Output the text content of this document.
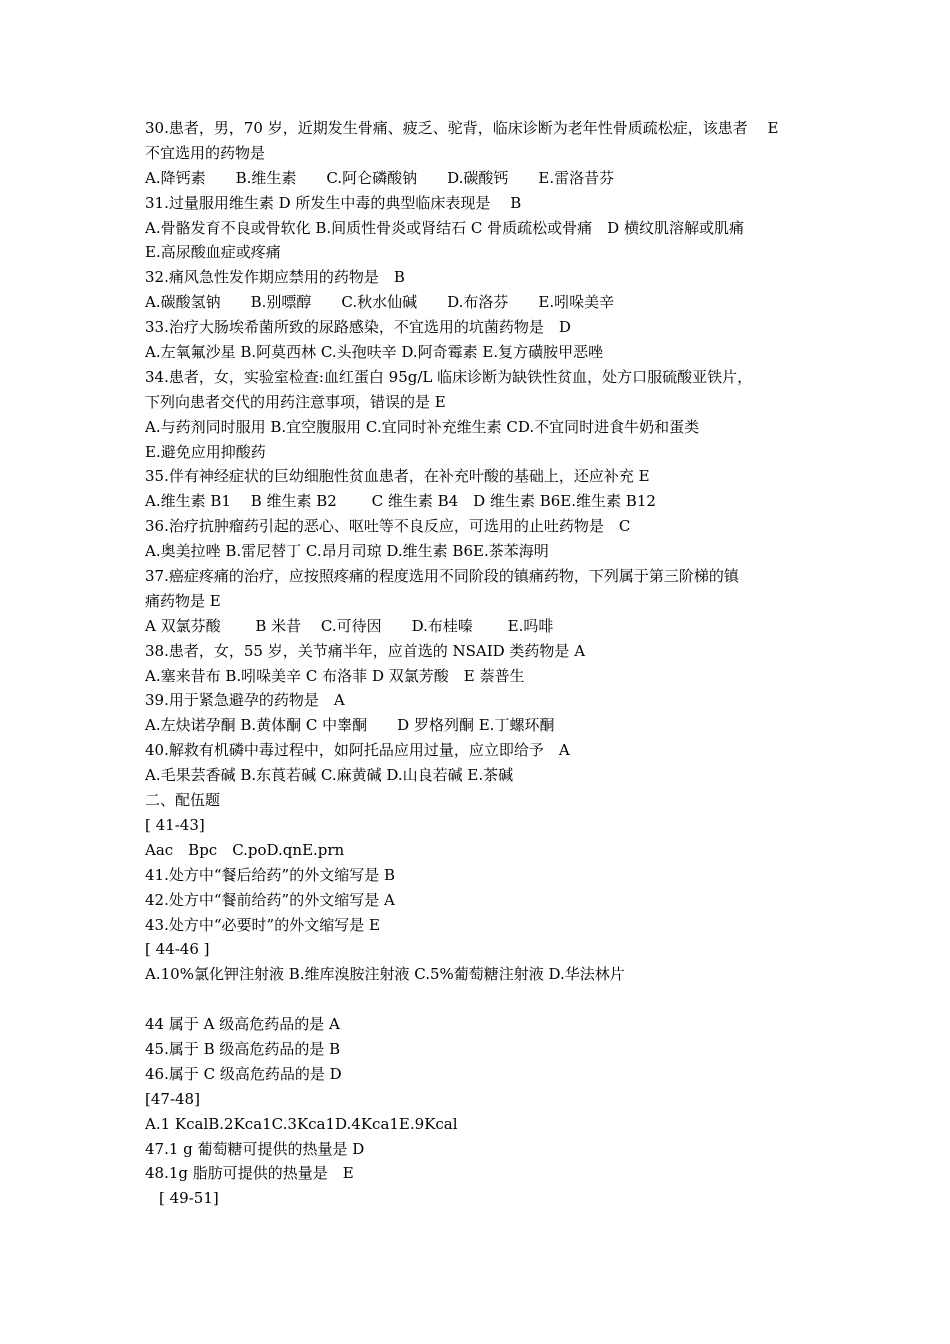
30.患者，男，70 岁，近期发生骨痛、疲乏、驼背，临床诊断为老年性骨质疏松症，该患者　 E
不宜选用的药物是
A.降钙素　　B.维生素　　C.阿仑磷酸钠　　D.碳酸钙　　E.雷洛昔芬
31.过量服用维生素 D 所发生中毒的典型临床表现是　 B
A.骨骼发育不良或骨软化 B.间质性骨炎或肾结石 C 骨质疏松或骨痛　D 横纹肌溶解或肌痛
E.高尿酸血症或疼痛
32.痛风急性发作期应禁用的药物是　B
A.碳酸氢钠　　B.别嘌醇　　C.秋水仙碱　　D.布洛芬　　E.吲哚美辛
33.治疗大肠埃希菌所致的尿路感染，不宜选用的坑菌药物是　D
A.左氧氟沙星 B.阿莫西林 C.头孢呋辛 D.阿奇霉素 E.复方磺胺甲恶唑
34.患者，女，实验室检查:血红蛋白 95g/L 临床诊断为缺铁性贫血，处方口服硫酸亚铁片，
下列向患者交代的用药注意事项，错误的是 E
A.与药剂同时服用 B.宜空腹服用 C.宜同时补充维生素 CD.不宜同时进食牛奶和蛋类
E.避免应用抑酸药
35.伴有神经症状的巨幼细胞性贫血患者，在补充叶酸的基础上，还应补充 E
A.维生素 B1　 B 维生素 B2　　 C 维生素 B4　D 维生素 B6E.维生素 B12
36.治疗抗肿瘤药引起的恶心、呕吐等不良反应，可选用的止吐药物是　C
A.奥美拉唑 B.雷尼替丁 C.昂月司琼 D.维生素 B6E.茶苯海明
37.癌症疼痛的治疗，应按照疼痛的程度选用不同阶段的镇痛药物，下列属于第三阶梯的镇
痛药物是 E
A 双氯芬酸　　 B 米昔　 C.可待因　　D.布桂嗪　　 E.吗啡
38.患者，女，55 岁，关节痛半年，应首选的 NSAID 类药物是 A
A.塞来昔布 B.吲哚美辛 C 布洛菲 D 双氯芳酸　E 萘普生
39.用于紧急避孕的药物是　A
A.左炔诺孕酮 B.黄体酮 C 中睾酮　　D 罗格列酮 E.丁螺环酮
40.解救有机磷中毒过程中，如阿托品应用过量，应立即给予　A
A.毛果芸香碱 B.东莨若碱 C.麻黄碱 D.山良若碱 E.茶碱
二、配伍题
[ 41-43]
Aac　Bpc　C.poD.qnE.prn
41.处方中“餐后给药”的外文缩写是 B
42.处方中“餐前给药”的外文缩写是 A
43.处方中“必要时”的外文缩写是 E
[ 44-46 ]
A.10%氯化钾注射液 B.维库溴胺注射液 C.5%葡萄糖注射液 D.华法林片
44 属于 A 级高危药品的是 A
45.属于 B 级高危药品的是 B
46.属于 C 级高危药品的是 D
[47-48]
A.1 KcalB.2Kca1C.3Kca1D.4Kca1E.9Kcal
47.1 g 葡萄糖可提供的热量是 D
48.1g 脂肪可提供的热量是　E
[ 49-51]
